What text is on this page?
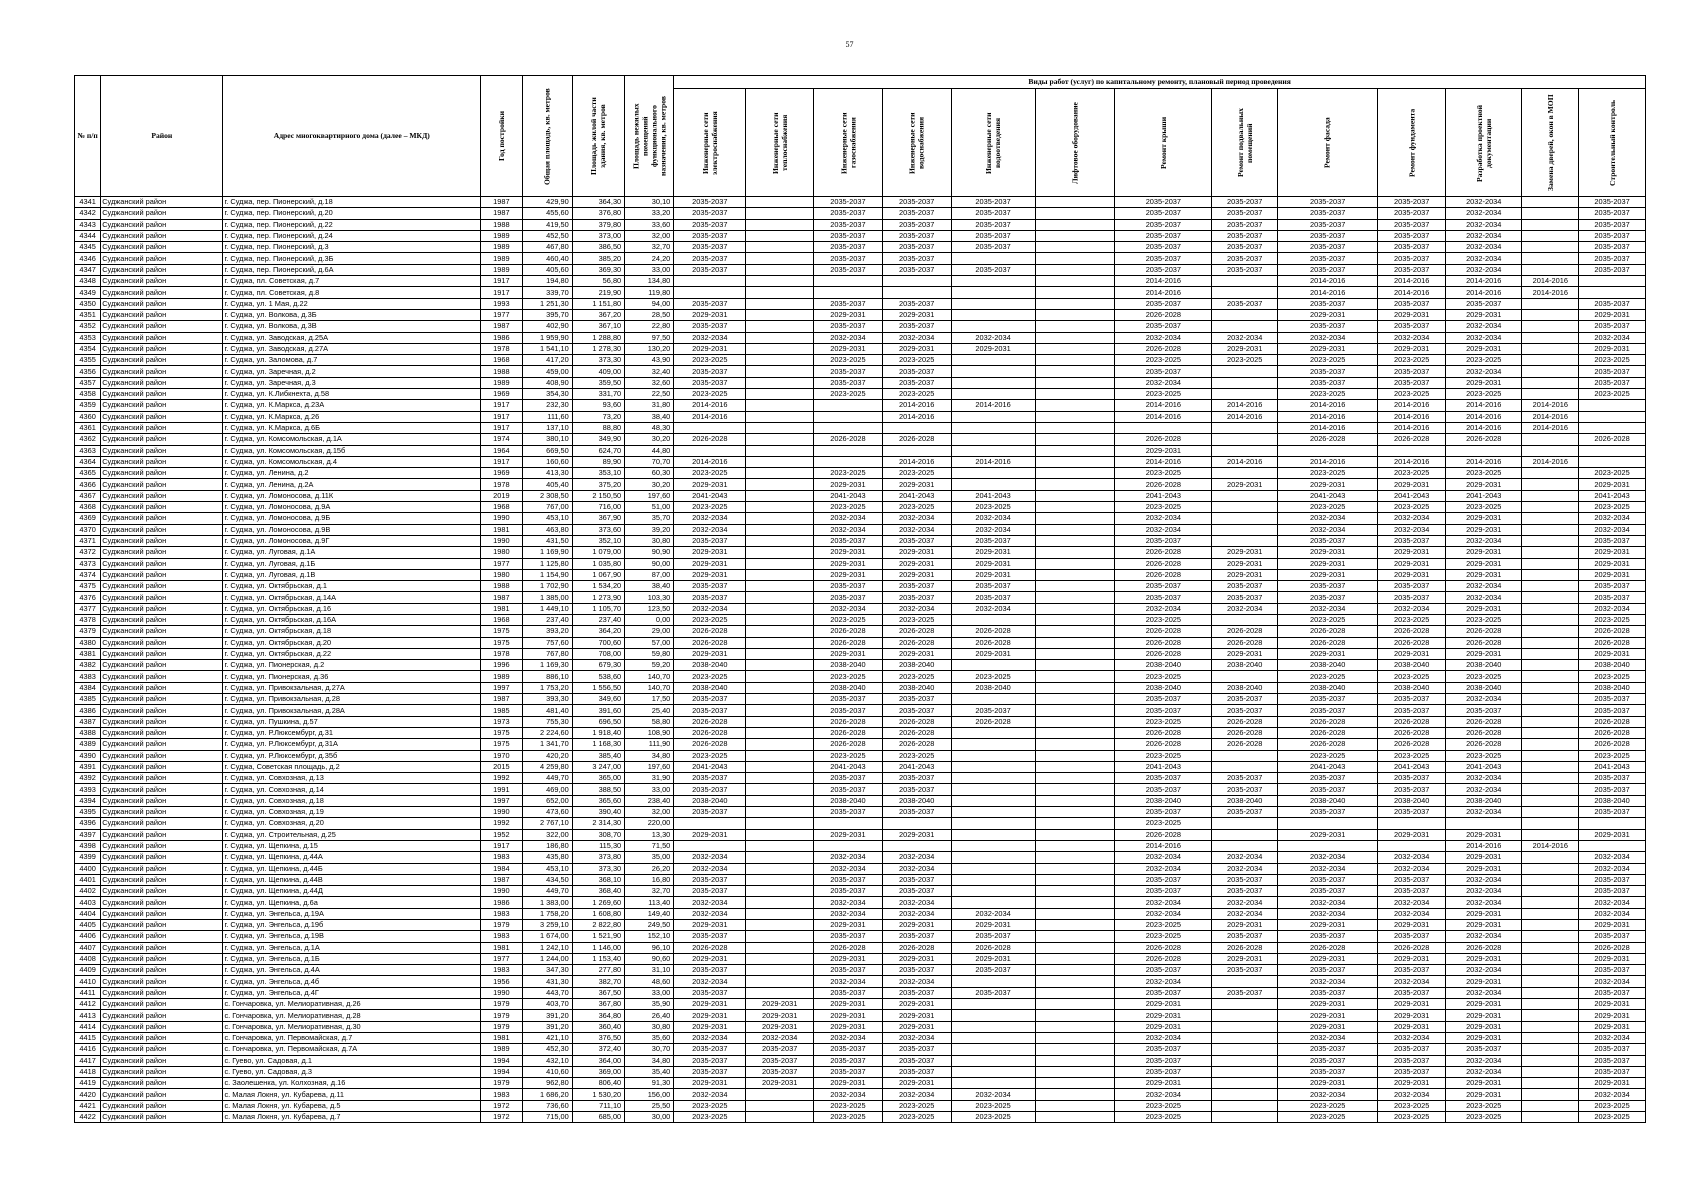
57
№ п/п	Район	Адрес многоквартирного дома (далее – МКД)	Год постройки	Общая площадь, кв. метров	Площадь жилой части здания, кв. метров	Площадь нежилых помещений функционального назначения, кв. метров	Виды работ (услуг) по капитальному ремонту, плановый период проведения												
							Инженерные сети электроснабжения	Инженерные сети теплоснабжения	Инженерные сети газоснабжения	Инженерные сети водоснабжения	Инженерные сети водоотведения	Лифтовое оборудование	Ремонт крыши	Ремонт подвальных помещений	Ремонт фасада	Ремонт фундамента	Разработка проектной документации	Замена дверей, окон в МОП	Строительный контроль
4341	Суджанский район	г. Суджа, пер. Пионерский, д.18	1987	429,90	364,30	30,10	2035-2037		2035-2037	2035-2037	2035-2037		2035-2037	2035-2037	2035-2037	2035-2037	2032-2034		2035-2037
4342	Суджанский район	г. Суджа, пер. Пионерский, д.20	1987	455,60	376,80	33,20	2035-2037		2035-2037	2035-2037	2035-2037		2035-2037	2035-2037	2035-2037	2035-2037	2032-2034		2035-2037
4343	Суджанский район	г. Суджа, пер. Пионерский, д.22	1988	419,50	379,80	33,60	2035-2037		2035-2037	2035-2037	2035-2037		2035-2037	2035-2037	2035-2037	2035-2037	2032-2034		2035-2037
4344	Суджанский район	г. Суджа, пер. Пионерский, д.24	1989	452,50	373,00	32,00	2035-2037		2035-2037	2035-2037	2035-2037		2035-2037	2035-2037	2035-2037	2035-2037	2032-2034		2035-2037
4345	Суджанский район	г. Суджа, пер. Пионерский, д.3	1989	467,80	386,50	32,70	2035-2037		2035-2037	2035-2037	2035-2037		2035-2037	2035-2037	2035-2037	2035-2037	2032-2034		2035-2037
4346	Суджанский район	г. Суджа, пер. Пионерский, д.3Б	1989	460,40	385,20	24,20	2035-2037		2035-2037	2035-2037			2035-2037	2035-2037	2035-2037	2035-2037	2032-2034		2035-2037
4347	Суджанский район	г. Суджа, пер. Пионерский, д.6А	1989	405,60	369,30	33,00	2035-2037		2035-2037	2035-2037	2035-2037		2035-2037	2035-2037	2035-2037	2035-2037	2032-2034		2035-2037
4348	Суджанский район	г. Суджа, пл. Советская, д.7	1917	194,80	56,80	134,80							2014-2016		2014-2016	2014-2016	2014-2016	2014-2016	
4349	Суджанский район	г. Суджа, пл. Советская, д.8	1917	339,70	219,90	119,80							2014-2016		2014-2016	2014-2016	2014-2016	2014-2016	
4350	Суджанский район	г. Суджа, ул. 1 Мая, д.22	1993	1 251,30	1 151,80	94,00	2035-2037		2035-2037	2035-2037			2035-2037	2035-2037	2035-2037	2035-2037	2035-2037		2035-2037
4351	Суджанский район	г. Суджа, ул. Волкова, д.3Б	1977	395,70	367,20	28,50	2029-2031		2029-2031	2029-2031			2026-2028		2029-2031	2029-2031	2029-2031		2029-2031
4352	Суджанский район	г. Суджа, ул. Волкова, д.3В	1987	402,90	367,10	22,80	2035-2037		2035-2037	2035-2037			2035-2037		2035-2037	2035-2037	2032-2034		2035-2037
4353	Суджанский район	г. Суджа, ул. Заводская, д.25А	1986	1 959,90	1 288,80	97,50	2032-2034		2032-2034	2032-2034	2032-2034		2032-2034	2032-2034	2032-2034	2032-2034	2032-2034		2032-2034
4354	Суджанский район	г. Суджа, ул. Заводская, д.27А	1978	1 541,10	1 278,30	130,20	2029-2031		2029-2031	2029-2031	2029-2031		2026-2028	2029-2031	2029-2031	2029-2031	2029-2031		2029-2031
4355	Суджанский район	г. Суджа, ул. Заломова, д.7	1968	417,20	373,30	43,90	2023-2025		2023-2025	2023-2025			2023-2025	2023-2025	2023-2025	2023-2025	2023-2025		2023-2025
4356	Суджанский район	г. Суджа, ул. Заречная, д.2	1988	459,00	409,00	32,40	2035-2037		2035-2037	2035-2037			2035-2037		2035-2037	2035-2037	2032-2034		2035-2037
4357	Суджанский район	г. Суджа, ул. Заречная, д.3	1989	408,90	359,50	32,60	2035-2037		2035-2037	2035-2037			2032-2034		2035-2037	2035-2037	2029-2031		2035-2037
4358	Суджанский район	г. Суджа, ул. К.Либкнехта, д.58	1969	354,30	331,70	22,50	2023-2025		2023-2025	2023-2025			2023-2025		2023-2025	2023-2025	2023-2025		2023-2025
4359	Суджанский район	г. Суджа, ул. К.Маркса, д.23А	1917	232,30	93,60	31,80	2014-2016			2014-2016	2014-2016		2014-2016	2014-2016	2014-2016	2014-2016	2014-2016	2014-2016	
4360	Суджанский район	г. Суджа, ул. К.Маркса, д.26	1917	111,60	73,20	38,40	2014-2016			2014-2016			2014-2016	2014-2016	2014-2016	2014-2016	2014-2016	2014-2016	
4361	Суджанский район	г. Суджа, ул. К.Маркса, д.6Б	1917	137,10	88,80	48,30									2014-2016	2014-2016	2014-2016	2014-2016	
4362	Суджанский район	г. Суджа, ул. Комсомольская, д.1А	1974	380,10	349,90	30,20	2026-2028		2026-2028	2026-2028			2026-2028		2026-2028	2026-2028	2026-2028		2026-2028
4363	Суджанский район	г. Суджа, ул. Комсомольская, д.15б	1964	669,50	624,70	44,80							2029-2031						
4364	Суджанский район	г. Суджа, ул. Комсомольская, д.4	1917	160,60	89,90	70,70	2014-2016			2014-2016	2014-2016		2014-2016	2014-2016	2014-2016	2014-2016	2014-2016	2014-2016	
4365	Суджанский район	г. Суджа, ул. Ленина, д.2	1969	413,30	353,10	60,30	2023-2025		2023-2025	2023-2025			2023-2025		2023-2025	2023-2025	2023-2025		2023-2025
4366	Суджанский район	г. Суджа, ул. Ленина, д.2А	1978	405,40	375,20	30,20	2029-2031		2029-2031	2029-2031			2026-2028	2029-2031	2029-2031	2029-2031	2029-2031		2029-2031
4367	Суджанский район	г. Суджа, ул. Ломоносова, д.11К	2019	2 308,50	2 150,50	197,60	2041-2043		2041-2043	2041-2043	2041-2043		2041-2043		2041-2043	2041-2043	2041-2043		2041-2043
4368	Суджанский район	г. Суджа, ул. Ломоносова, д.9А	1968	767,00	716,00	51,00	2023-2025		2023-2025	2023-2025	2023-2025		2023-2025		2023-2025	2023-2025	2023-2025		2023-2025
4369	Суджанский район	г. Суджа, ул. Ломоносова, д.9Б	1990	453,10	367,90	35,70	2032-2034		2032-2034	2032-2034	2032-2034		2032-2034		2032-2034	2032-2034	2029-2031		2032-2034
4370	Суджанский район	г. Суджа, ул. Ломоносова, д.9В	1981	463,80	373,60	39,20	2032-2034		2032-2034	2032-2034	2032-2034		2032-2034		2032-2034	2032-2034	2029-2031		2032-2034
4371	Суджанский район	г. Суджа, ул. Ломоносова, д.9Г	1990	431,50	352,10	30,80	2035-2037		2035-2037	2035-2037	2035-2037		2035-2037		2035-2037	2035-2037	2032-2034		2035-2037
4372	Суджанский район	г. Суджа, ул. Луговая, д.1А	1980	1 169,90	1 079,00	90,90	2029-2031		2029-2031	2029-2031	2029-2031		2026-2028	2029-2031	2029-2031	2029-2031	2029-2031		2029-2031
4373	Суджанский район	г. Суджа, ул. Луговая, д.1Б	1977	1 125,80	1 035,80	90,00	2029-2031		2029-2031	2029-2031	2029-2031		2026-2028	2029-2031	2029-2031	2029-2031	2029-2031		2029-2031
4374	Суджанский район	г. Суджа, ул. Луговая, д.1В	1980	1 154,90	1 067,90	87,00	2029-2031		2029-2031	2029-2031	2029-2031		2026-2028	2029-2031	2029-2031	2029-2031	2029-2031		2029-2031
4375	Суджанский район	г. Суджа, ул. Октябрьская, д.1	1988	1 702,90	1 534,20	38,40	2035-2037		2035-2037	2035-2037	2035-2037		2035-2037	2035-2037	2035-2037	2035-2037	2032-2034		2035-2037
4376	Суджанский район	г. Суджа, ул. Октябрьская, д.14А	1987	1 385,00	1 273,90	103,30	2035-2037		2035-2037	2035-2037	2035-2037		2035-2037	2035-2037	2035-2037	2035-2037	2032-2034		2035-2037
4377	Суджанский район	г. Суджа, ул. Октябрьская, д.16	1981	1 449,10	1 105,70	123,50	2032-2034		2032-2034	2032-2034	2032-2034		2032-2034	2032-2034	2032-2034	2032-2034	2029-2031		2032-2034
4378	Суджанский район	г. Суджа, ул. Октябрьская, д.16А	1968	237,40	237,40	0,00	2023-2025		2023-2025	2023-2025			2023-2025		2023-2025	2023-2025	2023-2025		2023-2025
4379	Суджанский район	г. Суджа, ул. Октябрьская, д.18	1975	393,20	364,20	29,00	2026-2028		2026-2028	2026-2028	2026-2028		2026-2028	2026-2028	2026-2028	2026-2028	2026-2028		2026-2028
4380	Суджанский район	г. Суджа, ул. Октябрьская, д.20	1975	757,60	700,60	57,00	2026-2028		2026-2028	2026-2028	2026-2028		2026-2028	2026-2028	2026-2028	2026-2028	2026-2028		2026-2028
4381	Суджанский район	г. Суджа, ул. Октябрьская, д.22	1978	767,80	708,00	59,80	2029-2031		2029-2031	2029-2031	2029-2031		2026-2028	2029-2031	2029-2031	2029-2031	2029-2031		2029-2031
4382	Суджанский район	г. Суджа, ул. Пионерская, д.2	1996	1 169,30	679,30	59,20	2038-2040		2038-2040	2038-2040			2038-2040	2038-2040	2038-2040	2038-2040	2038-2040		2038-2040
4383	Суджанский район	г. Суджа, ул. Пионерская, д.36	1989	886,10	538,60	140,70	2023-2025		2023-2025	2023-2025	2023-2025		2023-2025		2023-2025	2023-2025	2023-2025		2023-2025
4384	Суджанский район	г. Суджа, ул. Привокзальная, д.27А	1997	1 753,20	1 556,50	140,70	2038-2040		2038-2040	2038-2040	2038-2040		2038-2040	2038-2040	2038-2040	2038-2040	2038-2040		2038-2040
4385	Суджанский район	г. Суджа, ул. Привокзальная, д.28	1987	393,30	349,60	17,50	2035-2037		2035-2037	2035-2037			2035-2037	2035-2037	2035-2037	2035-2037	2032-2034		2035-2037
4386	Суджанский район	г. Суджа, ул. Привокзальная, д.28А	1985	481,40	391,60	25,40	2035-2037		2035-2037	2035-2037	2035-2037		2035-2037	2035-2037	2035-2037	2035-2037	2035-2037		2035-2037
4387	Суджанский район	г. Суджа, ул. Пушкина, д.57	1973	755,30	696,50	58,80	2026-2028		2026-2028	2026-2028	2026-2028		2023-2025	2026-2028	2026-2028	2026-2028	2026-2028		2026-2028
4388	Суджанский район	г. Суджа, ул. Р.Люксембург, д.31	1975	2 224,60	1 918,40	108,90	2026-2028		2026-2028	2026-2028			2026-2028	2026-2028	2026-2028	2026-2028	2026-2028		2026-2028
4389	Суджанский район	г. Суджа, ул. Р.Люксембург, д.31А	1975	1 341,70	1 168,30	111,90	2026-2028		2026-2028	2026-2028			2026-2028	2026-2028	2026-2028	2026-2028	2026-2028		2026-2028
4390	Суджанский район	г. Суджа, ул. Р.Люксембург, д.35б	1970	420,20	385,40	34,80	2023-2025		2023-2025	2023-2025			2023-2025		2023-2025	2023-2025	2023-2025		2023-2025
4391	Суджанский район	г. Суджа, Советская площадь, д.2	2015	4 259,80	3 247,00	197,60	2041-2043		2041-2043	2041-2043			2041-2043		2041-2043	2041-2043	2041-2043		2041-2043
4392	Суджанский район	г. Суджа, ул. Совхозная, д.13	1992	449,70	365,00	31,90	2035-2037		2035-2037	2035-2037			2035-2037	2035-2037	2035-2037	2035-2037	2032-2034		2035-2037
4393	Суджанский район	г. Суджа, ул. Совхозная, д.14	1991	469,00	388,50	33,00	2035-2037		2035-2037	2035-2037			2035-2037	2035-2037	2035-2037	2035-2037	2032-2034		2035-2037
4394	Суджанский район	г. Суджа, ул. Совхозная, д.18	1997	652,00	365,60	238,40	2038-2040		2038-2040	2038-2040			2038-2040	2038-2040	2038-2040	2038-2040	2038-2040		2038-2040
4395	Суджанский район	г. Суджа, ул. Совхозная, д.19	1990	473,60	390,40	32,00	2035-2037		2035-2037	2035-2037			2035-2037	2035-2037	2035-2037	2035-2037	2032-2034		2035-2037
4396	Суджанский район	г. Суджа, ул. Совхозная, д.20	1992	2 767,10	2 314,30	220,00							2023-2025						
4397	Суджанский район	г. Суджа, ул. Строительная, д.25	1952	322,00	308,70	13,30	2029-2031		2029-2031	2029-2031			2026-2028		2029-2031	2029-2031	2029-2031		2029-2031
4398	Суджанский район	г. Суджа, ул. Щепкина, д.15	1917	186,80	115,30	71,50							2014-2016				2014-2016	2014-2016	
4399	Суджанский район	г. Суджа, ул. Щепкина, д.44А	1983	435,80	373,80	35,00	2032-2034		2032-2034	2032-2034			2032-2034	2032-2034	2032-2034	2032-2034	2029-2031		2032-2034
4400	Суджанский район	г. Суджа, ул. Щепкина, д.44Б	1984	453,10	373,30	26,20	2032-2034		2032-2034	2032-2034			2032-2034	2032-2034	2032-2034	2032-2034	2029-2031		2032-2034
4401	Суджанский район	г. Суджа, ул. Щепкина, д.44В	1987	434,50	368,10	16,80	2035-2037		2035-2037	2035-2037			2035-2037	2035-2037	2035-2037	2035-2037	2032-2034		2035-2037
4402	Суджанский район	г. Суджа, ул. Щепкина, д.44Д	1990	449,70	368,40	32,70	2035-2037		2035-2037	2035-2037			2035-2037	2035-2037	2035-2037	2035-2037	2032-2034		2035-2037
4403	Суджанский район	г. Суджа, ул. Щепкина, д.6а	1986	1 383,00	1 269,60	113,40	2032-2034		2032-2034	2032-2034			2032-2034	2032-2034	2032-2034	2032-2034	2032-2034		2032-2034
4404	Суджанский район	г. Суджа, ул. Энгельса, д.19А	1983	1 758,20	1 608,80	149,40	2032-2034		2032-2034	2032-2034	2032-2034		2032-2034	2032-2034	2032-2034	2032-2034	2029-2031		2032-2034
4405	Суджанский район	г. Суджа, ул. Энгельса, д.19б	1979	3 259,10	2 822,80	249,50	2029-2031		2029-2031	2029-2031	2029-2031		2023-2025	2029-2031	2029-2031	2029-2031	2029-2031		2029-2031
4406	Суджанский район	г. Суджа, ул. Энгельса, д.19В	1983	1 674,00	1 521,90	152,10	2035-2037		2035-2037	2035-2037	2035-2037		2023-2025	2035-2037	2035-2037	2035-2037	2032-2034		2035-2037
4407	Суджанский район	г. Суджа, ул. Энгельса, д.1А	1981	1 242,10	1 146,00	96,10	2026-2028		2026-2028	2026-2028	2026-2028		2026-2028	2026-2028	2026-2028	2026-2028	2026-2028		2026-2028
4408	Суджанский район	г. Суджа, ул. Энгельса, д.1Б	1977	1 244,00	1 153,40	90,60	2029-2031		2029-2031	2029-2031	2029-2031		2026-2028	2029-2031	2029-2031	2029-2031	2029-2031		2029-2031
4409	Суджанский район	г. Суджа, ул. Энгельса, д.4А	1983	347,30	277,80	31,10	2035-2037		2035-2037	2035-2037	2035-2037		2035-2037	2035-2037	2035-2037	2035-2037	2032-2034		2035-2037
4410	Суджанский район	г. Суджа, ул. Энгельса, д.4б	1956	431,30	382,70	48,60	2032-2034		2032-2034	2032-2034			2032-2034		2032-2034	2032-2034	2029-2031		2032-2034
4411	Суджанский район	г. Суджа, ул. Энгельса, д.4Г	1990	443,70	367,50	33,00	2035-2037		2035-2037	2035-2037	2035-2037		2035-2037	2035-2037	2035-2037	2035-2037	2032-2034		2035-2037
4412	Суджанский район	с. Гончаровка, ул. Мелиоративная, д.26	1979	403,70	367,80	35,90	2029-2031	2029-2031	2029-2031	2029-2031			2029-2031		2029-2031	2029-2031	2029-2031		2029-2031
4413	Суджанский район	с. Гончаровка, ул. Мелиоративная, д.28	1979	391,20	364,80	26,40	2029-2031	2029-2031	2029-2031	2029-2031			2029-2031		2029-2031	2029-2031	2029-2031		2029-2031
4414	Суджанский район	с. Гончаровка, ул. Мелиоративная, д.30	1979	391,20	360,40	30,80	2029-2031	2029-2031	2029-2031	2029-2031			2029-2031		2029-2031	2029-2031	2029-2031		2029-2031
4415	Суджанский район	с. Гончаровка, ул. Первомайская, д.7	1981	421,10	376,50	35,60	2032-2034	2032-2034	2032-2034	2032-2034			2032-2034		2032-2034	2032-2034	2029-2031		2032-2034
4416	Суджанский район	с. Гончаровка, ул. Первомайская, д.7А	1989	452,30	372,40	30,70	2035-2037	2035-2037	2035-2037	2035-2037			2035-2037		2035-2037	2035-2037	2035-2037		2035-2037
4417	Суджанский район	с. Гуево, ул. Садовая, д.1	1994	432,10	364,00	34,80	2035-2037	2035-2037	2035-2037	2035-2037			2035-2037		2035-2037	2035-2037	2032-2034		2035-2037
4418	Суджанский район	с. Гуево, ул. Садовая, д.3	1994	410,60	369,00	35,40	2035-2037	2035-2037	2035-2037	2035-2037			2035-2037		2035-2037	2035-2037	2032-2034		2035-2037
4419	Суджанский район	с. Заолешенка, ул. Колхозная, д.16	1979	962,80	806,40	91,30	2029-2031	2029-2031	2029-2031	2029-2031			2029-2031		2029-2031	2029-2031	2029-2031		2029-2031
4420	Суджанский район	с. Малая Локня, ул. Кубарева, д.11	1983	1 686,20	1 530,20	156,00	2032-2034		2032-2034	2032-2034	2032-2034		2032-2034		2032-2034	2032-2034	2029-2031		2032-2034
4421	Суджанский район	с. Малая Локня, ул. Кубарева, д.5	1972	736,60	711,10	25,50	2023-2025		2023-2025	2023-2025	2023-2025		2023-2025		2023-2025	2023-2025	2023-2025		2023-2025
4422	Суджанский район	с. Малая Локня, ул. Кубарева, д.7	1972	715,00	685,00	30,00	2023-2025		2023-2025	2023-2025	2023-2025		2023-2025		2023-2025	2023-2025	2023-2025		2023-2025
